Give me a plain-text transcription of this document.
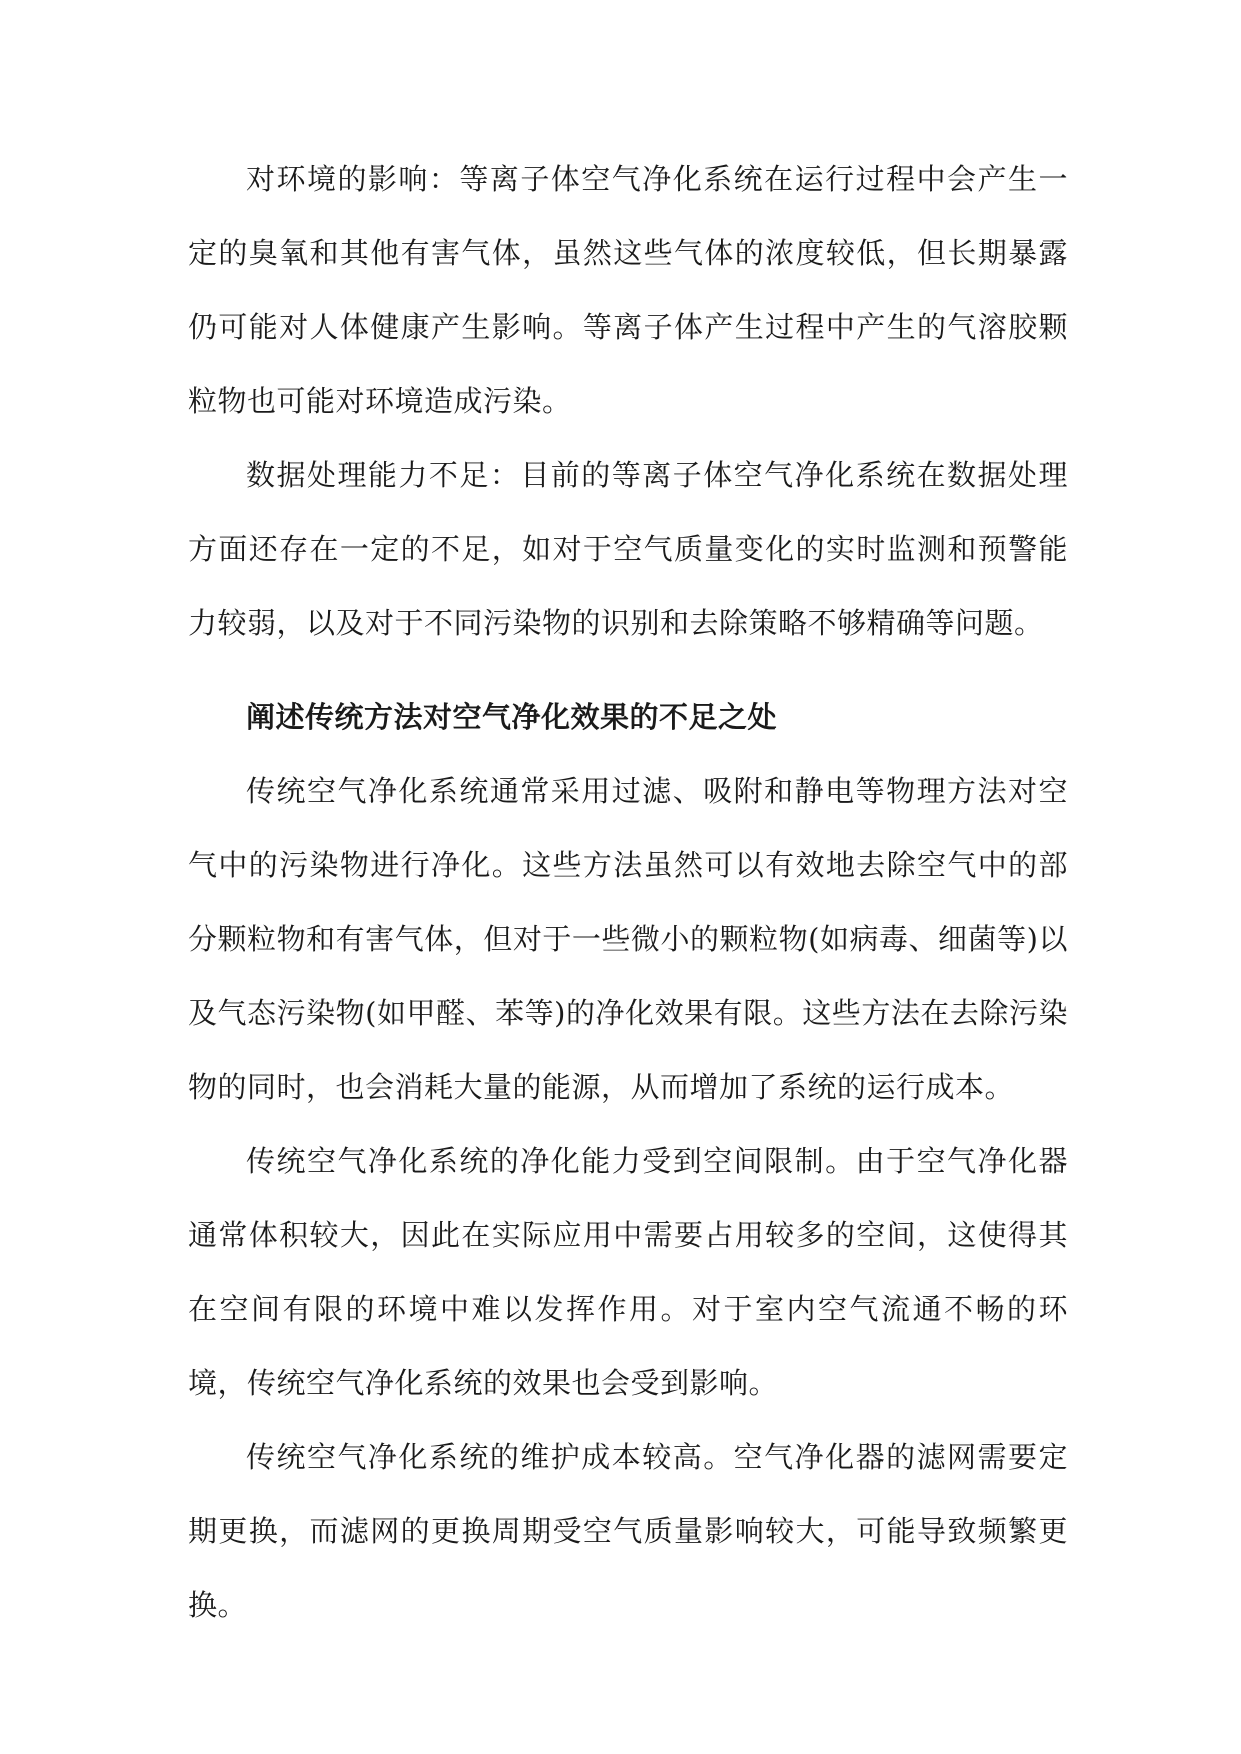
对环境的影响：等离子体空气净化系统在运行过程中会产生一定的臭氧和其他有害气体，虽然这些气体的浓度较低，但长期暴露仍可能对人体健康产生影响。等离子体产生过程中产生的气溶胶颗粒物也可能对环境造成污染。

数据处理能力不足：目前的等离子体空气净化系统在数据处理方面还存在一定的不足，如对于空气质量变化的实时监测和预警能力较弱，以及对于不同污染物的识别和去除策略不够精确等问题。

阐述传统方法对空气净化效果的不足之处

传统空气净化系统通常采用过滤、吸附和静电等物理方法对空气中的污染物进行净化。这些方法虽然可以有效地去除空气中的部分颗粒物和有害气体，但对于一些微小的颗粒物(如病毒、细菌等)以及气态污染物(如甲醛、苯等)的净化效果有限。这些方法在去除污染物的同时，也会消耗大量的能源，从而增加了系统的运行成本。

传统空气净化系统的净化能力受到空间限制。由于空气净化器通常体积较大，因此在实际应用中需要占用较多的空间，这使得其在空间有限的环境中难以发挥作用。对于室内空气流通不畅的环境，传统空气净化系统的效果也会受到影响。

传统空气净化系统的维护成本较高。空气净化器的滤网需要定期更换，而滤网的更换周期受空气质量影响较大，可能导致频繁更换。
